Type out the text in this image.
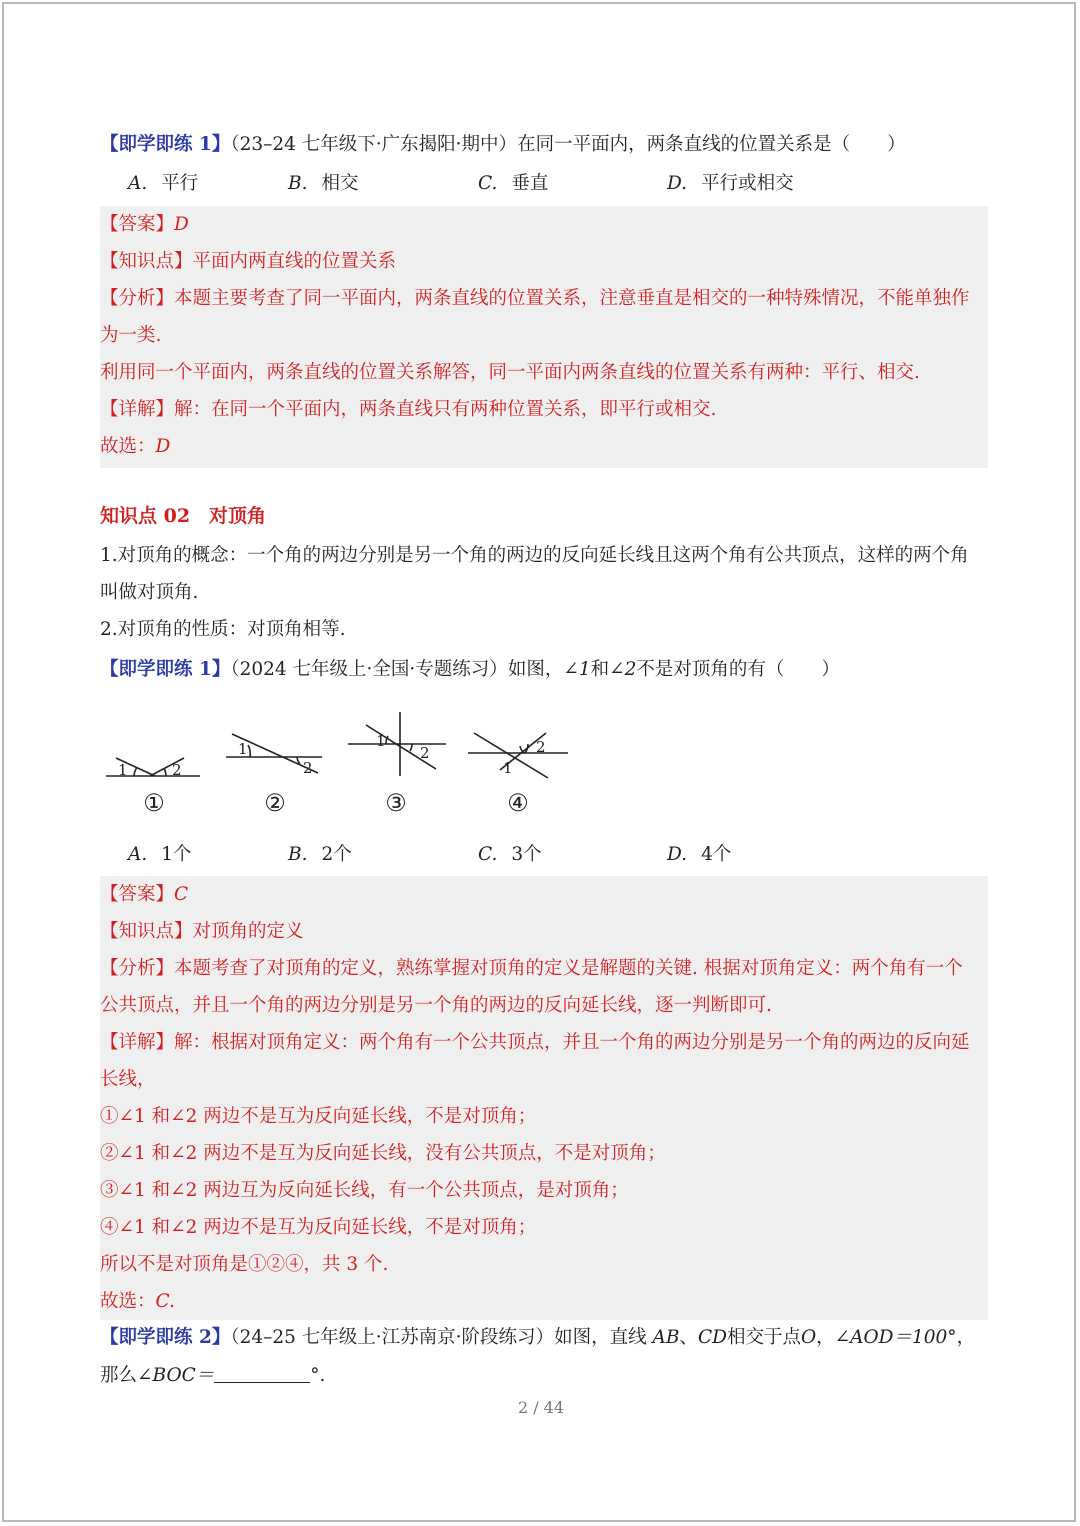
【即学即练 1】（23–24 七年级下·广东揭阳·期中）在同一平面内，两条直线的位置关系是（　　）
A. 平行	B. 相交	C. 垂直	D. 平行或相交
【答案】D
【知识点】平面内两直线的位置关系
【分析】本题主要考查了同一平面内，两条直线的位置关系，注意垂直是相交的一种特殊情况，不能单独作
为一类.
利用同一个平面内，两条直线的位置关系解答，同一平面内两条直线的位置关系有两种：平行、相交.
【详解】解：在同一个平面内，两条直线只有两种位置关系，即平行或相交.
故选：D
知识点 02　对顶角
1.对顶角的概念：一个角的两边分别是另一个角的两边的反向延长线且这两个角有公共顶点，这样的两个角
叫做对顶角.
2.对顶角的性质：对顶角相等.
【即学即练 1】（2024 七年级上·全国·专题练习）如图，∠1和∠2不是对顶角的有（　　）
1	2
1
2
1
2
1
2
①	②	③	④
A. 1个	B. 2个	C. 3个	D. 4个
【答案】C
【知识点】对顶角的定义
【分析】本题考查了对顶角的定义，熟练掌握对顶角的定义是解题的关键. 根据对顶角定义：两个角有一个
公共顶点，并且一个角的两边分别是另一个角的两边的反向延长线，逐一判断即可.
【详解】解：根据对顶角定义：两个角有一个公共顶点，并且一个角的两边分别是另一个角的两边的反向延
长线，
①∠1 和∠2 两边不是互为反向延长线，不是对顶角；
②∠1 和∠2 两边不是互为反向延长线，没有公共顶点，不是对顶角；
③∠1 和∠2 两边互为反向延长线，有一个公共顶点，是对顶角；
④∠1 和∠2 两边不是互为反向延长线，不是对顶角；
所以不是对顶角是①②④，共 3 个.
故选：C.
【即学即练 2】（24–25 七年级上·江苏南京·阶段练习）如图，直线 AB、CD相交于点O，∠AOD＝100°，
那么∠BOC＝	°.
2 / 44
